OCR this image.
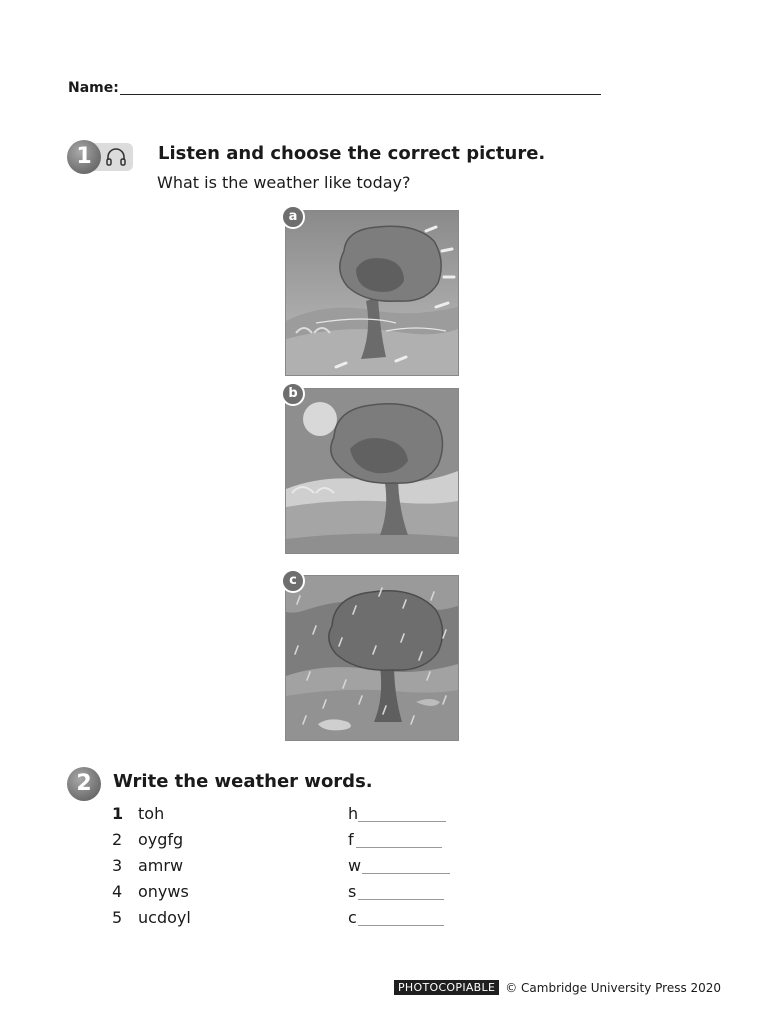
Name:
1	Listen and choose the correct picture.
What is the weather like today?
a
b
c
2	Write the weather words.
1 toh	h
2 oygfg	f
3 amrw	w
4 onyws	s
5 ucdoyl	c
PHOTOCOPIABLE © Cambridge University Press 2020
